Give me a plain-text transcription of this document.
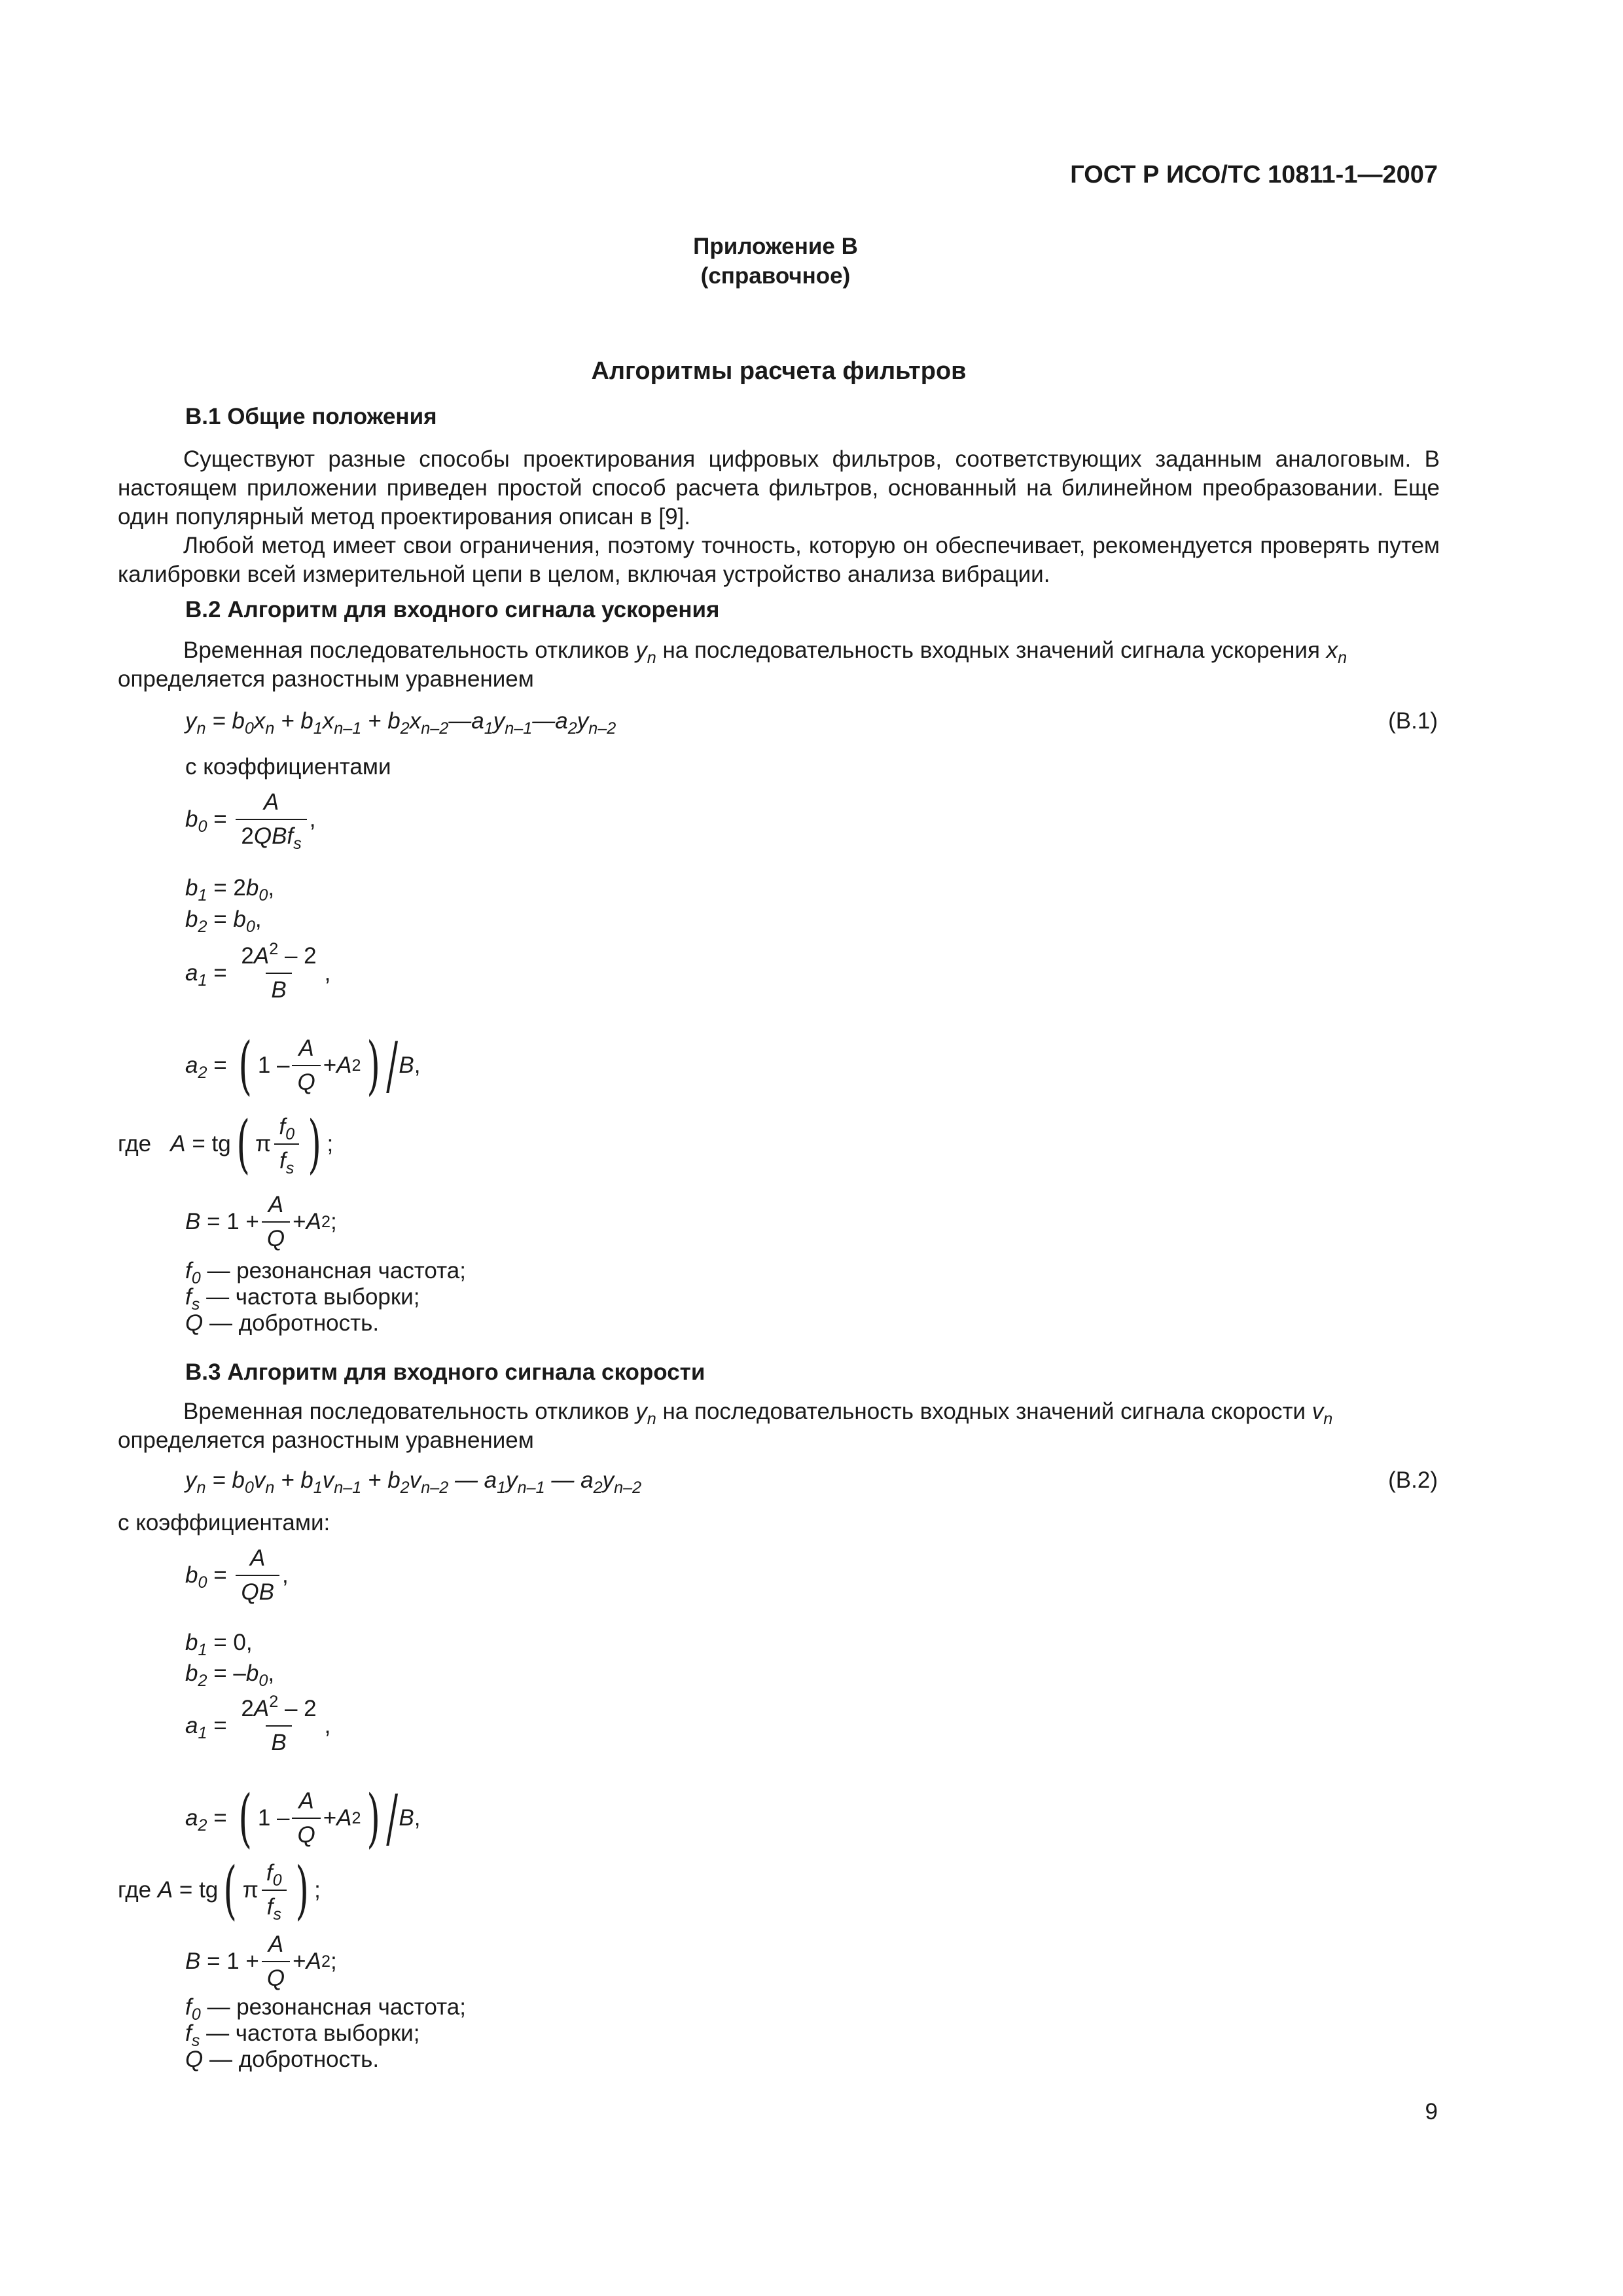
ГОСТ Р ИСО/ТС 10811-1—2007
Приложение В
(справочное)
Алгоритмы расчета фильтров
В.1 Общие положения
Существуют разные способы проектирования цифровых фильтров, соответствующих заданным аналоговым. В настоящем приложении приведен простой способ расчета фильтров, основанный на билинейном преобразовании. Еще один популярный метод проектирования описан в [9].
Любой метод имеет свои ограничения, поэтому точность, которую он обеспечивает, рекомендуется проверять путем калибровки всей измерительной цепи в целом, включая устройство анализа вибрации.
В.2 Алгоритм для входного сигнала ускорения
Временная последовательность откликов $y_n$ на последовательность входных значений сигнала ускорения $x_n$
определяется разностным уравнением
$y_n = b_0x_n + b_1x_{n-1}$ + $b_2x_{n-2}—a_1y_{n-1}—a_2y_{n-2}$	(В.1)
с коэффициентами
$b_0 = \frac{A}{2QBf_s}$ ,
$b_1 = 2b_0$,
$b_2 = b_0$,
$a_1 = \frac{2A^2 - 2}{B}$ ,
$a_2$ = ( $1 - \frac{A}{Q} + A$ 2 ) / B ,
где
A = tg ( π $\frac{f_0}{f_s}$ ) ;
$B = 1 + \frac{A}{Q} + A$ 2 ;
$f_0$ — резонансная частота;
$f_s$ — частота выборки;
Q — добротность.
В.3 Алгоритм для входного сигнала скорости
Временная последовательность откликов $y_n$ на последовательность входных значений сигнала скорости $v_n$
определяется разностным уравнением
$y_n = b_0v_n + b_1v_{n-1} + b_2v_{n-2}$ — $a_1y_{n-1}$ — $a_2y_{n-2}$	(В.2)
с коэффициентами:
$b_0 = \frac{A}{QB}$ ,
$b_1 = 0$,
$b_2 = -b_0$,
$a_1 = \frac{2A^2 - 2}{B}$ ,
$a_2$ = ( $1 - \frac{A}{Q} + A$ 2 ) / B ,
где
A = tg ( π $\frac{f_0}{f_s}$ ) ;
$B = 1 + \frac{A}{Q} + A$ 2 ;
$f_0$ — резонансная частота;
$f_s$ — частота выборки;
Q — добротность.
9
